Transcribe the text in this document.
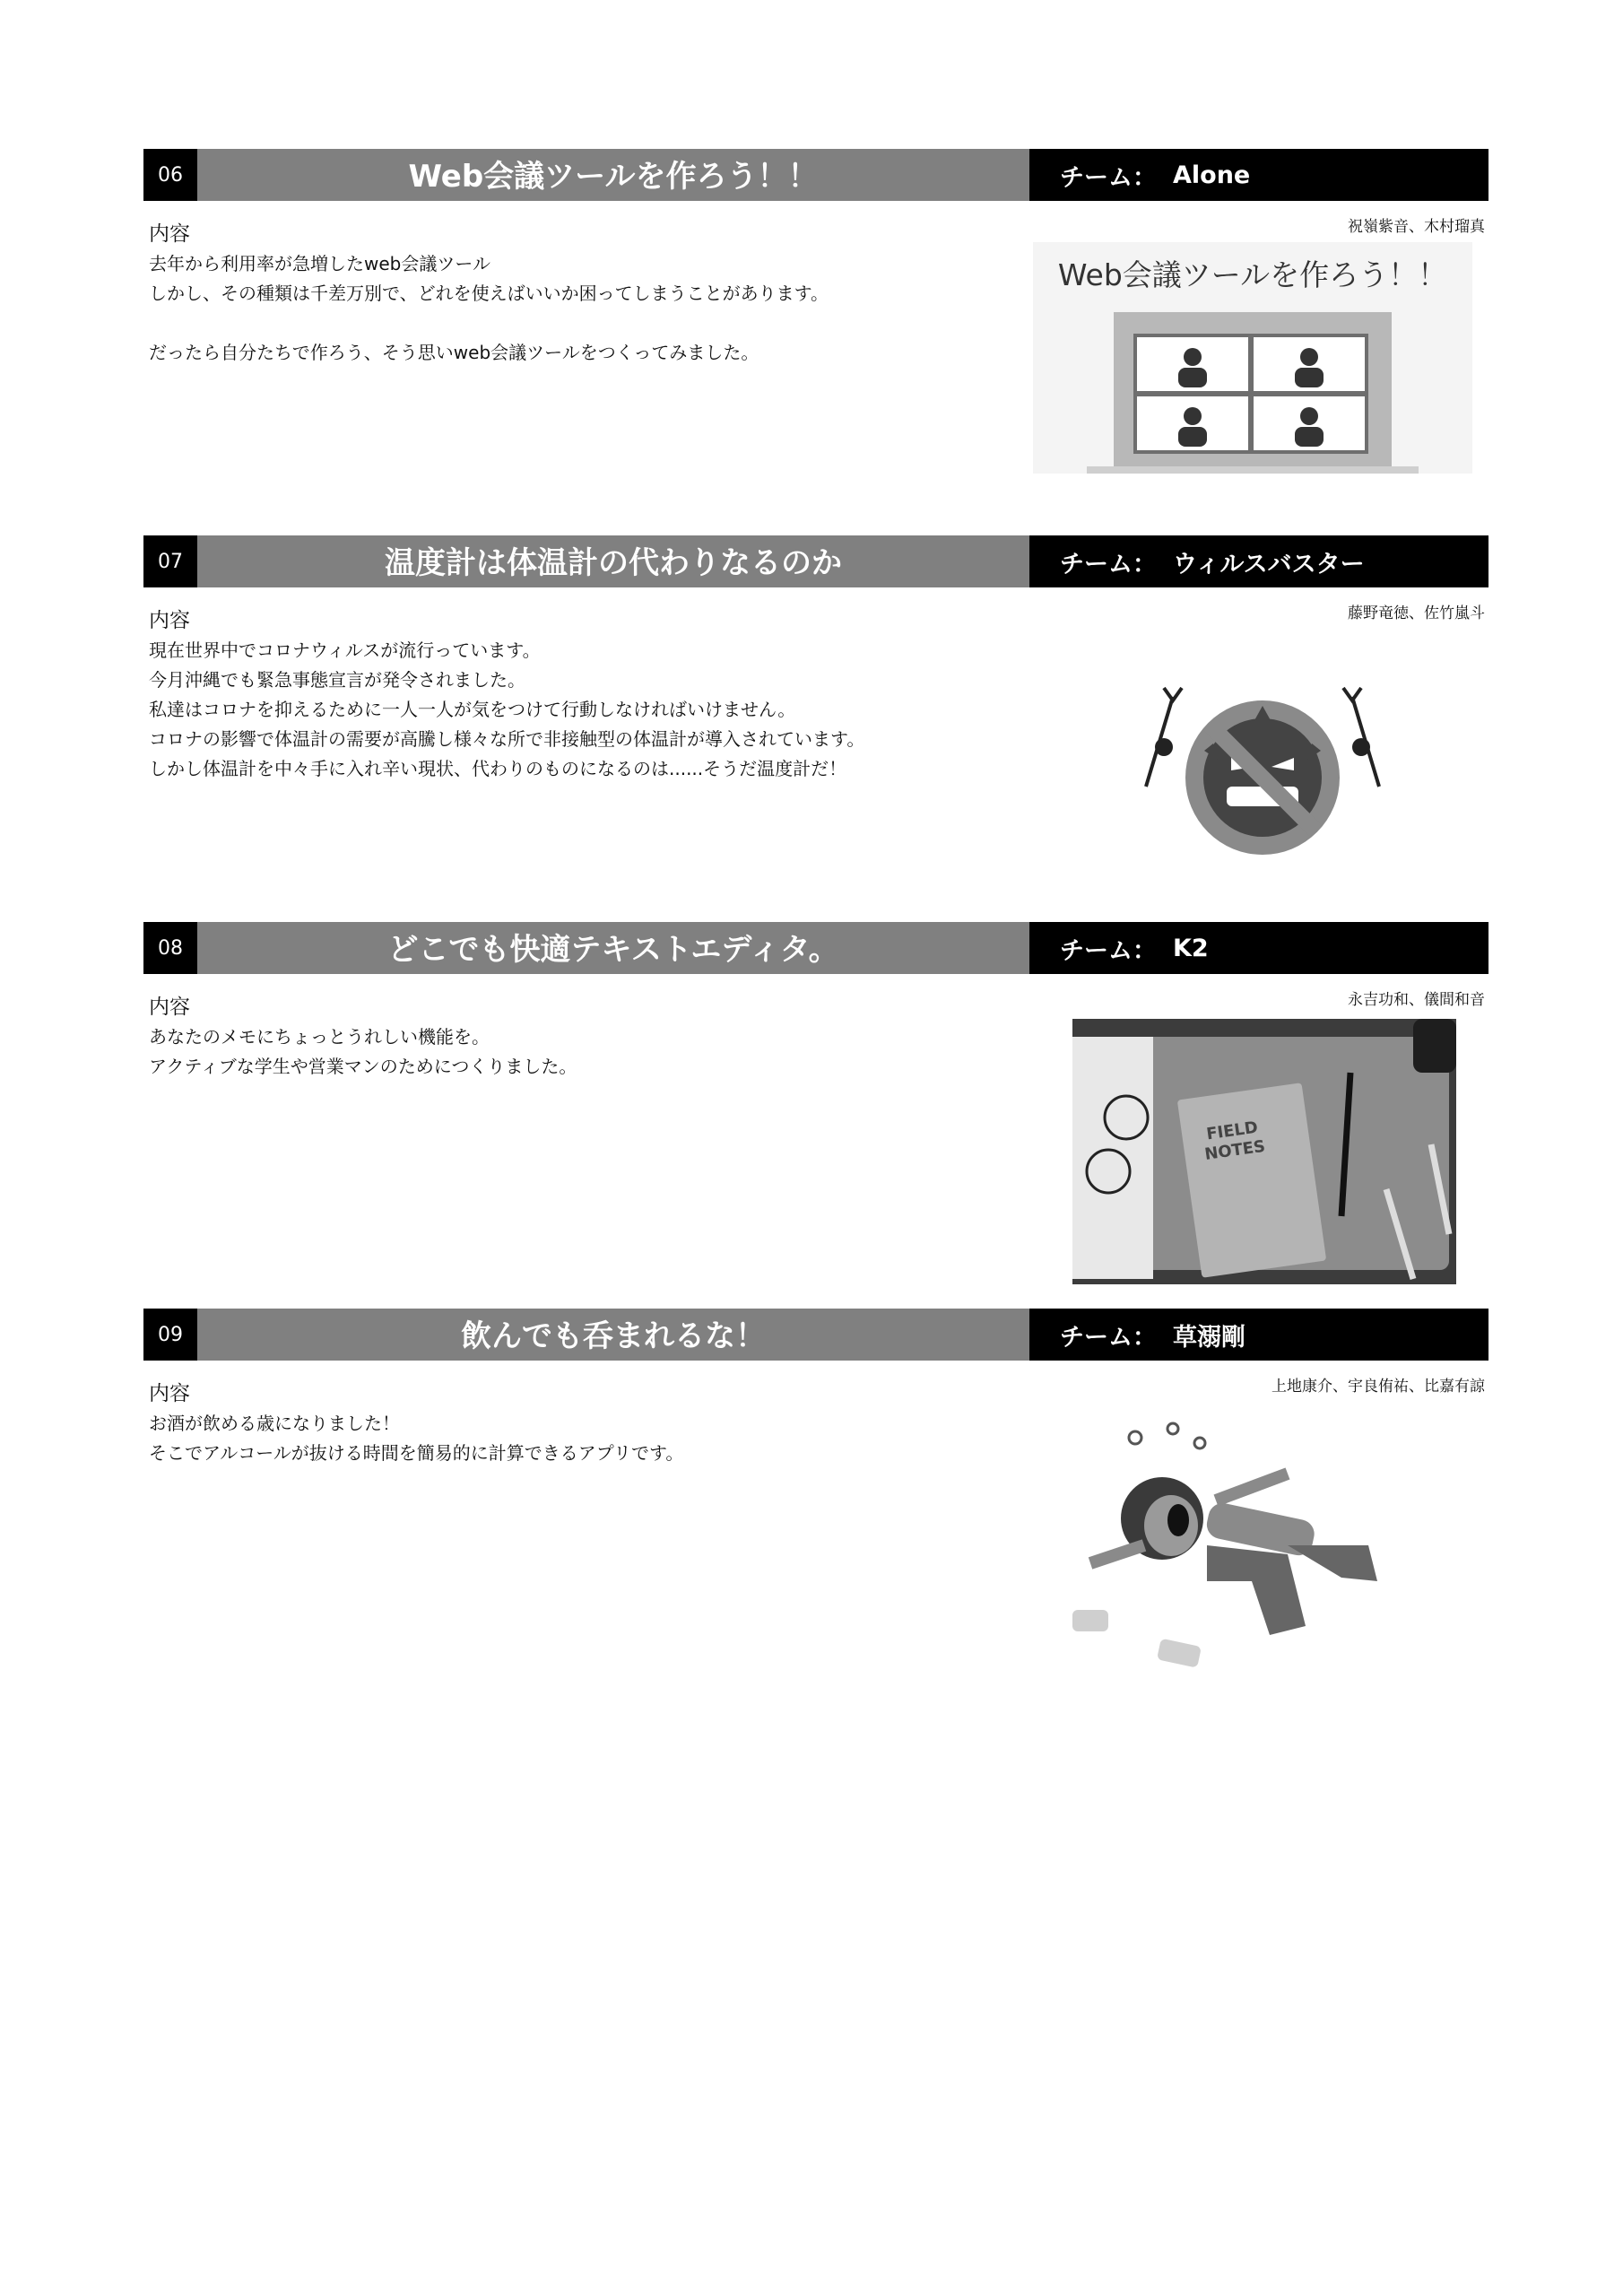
06	Web会議ツールを作ろう！！	チーム： Alone
祝嶺紫音、木村瑠真
内容
去年から利用率が急増したweb会議ツール
しかし、その種類は千差万別で、どれを使えばいいか困ってしまうことがあります。
だったら自分たちで作ろう、そう思いweb会議ツールをつくってみました。
Web会議ツールを作ろう！！
07	温度計は体温計の代わりなるのか	チーム： ウィルスバスター
藤野竜徳、佐竹嵐斗
内容
現在世界中でコロナウィルスが流行っています。
今月沖縄でも緊急事態宣言が発令されました。
私達はコロナを抑えるために一人一人が気をつけて行動しなければいけません。
コロナの影響で体温計の需要が高騰し様々な所で非接触型の体温計が導入されています。
しかし体温計を中々手に入れ辛い現状、代わりのものになるのは......そうだ温度計だ！
08	どこでも快適テキストエディタ。	チーム： K2
永吉功和、儀間和音
内容
あなたのメモにちょっとうれしい機能を。
アクティブな学生や営業マンのためにつくりました。
FIELD
NOTES
09	飲んでも呑まれるな！	チーム： 草溺剛
上地康介、宇良侑祐、比嘉有諒
内容
お酒が飲める歳になりました！
そこでアルコールが抜ける時間を簡易的に計算できるアプリです。
